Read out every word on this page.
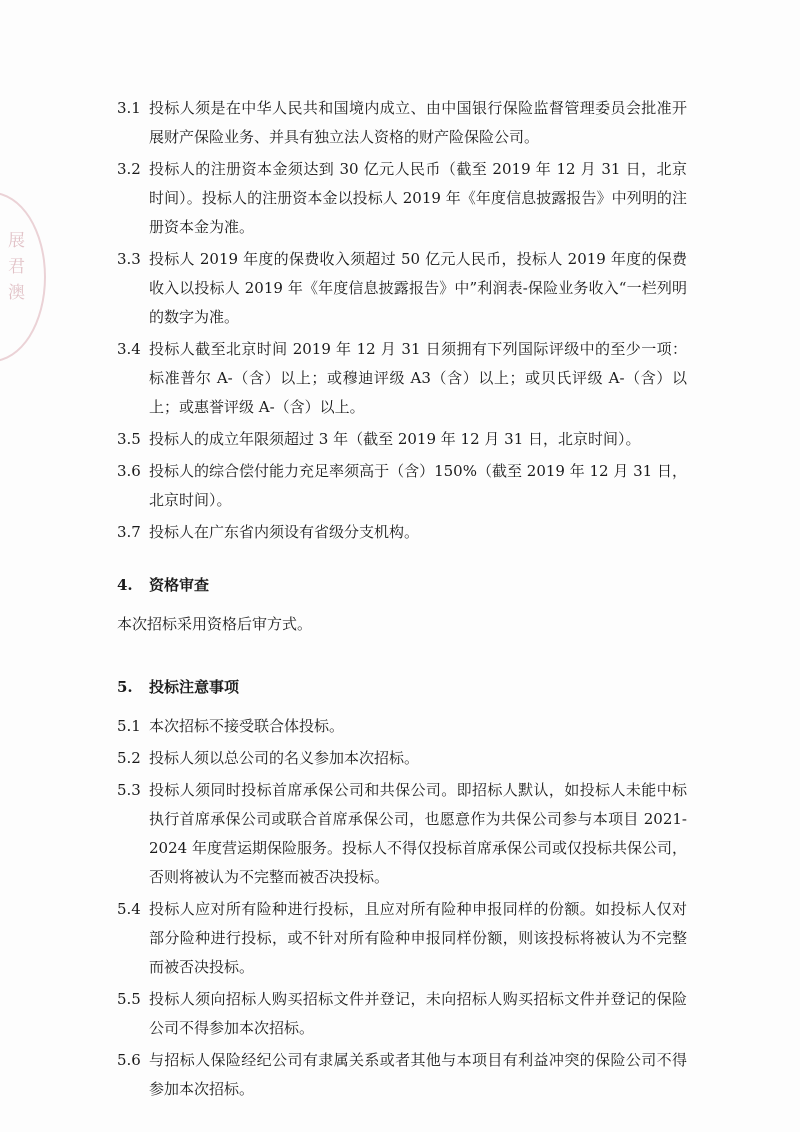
展 君 澳
3.1 投标人须是在中华人民共和国境内成立、由中国银行保险监督管理委员会批准开展财产保险业务、并具有独立法人资格的财产险保险公司。
3.2 投标人的注册资本金须达到 30 亿元人民币（截至 2019 年 12 月 31 日，北京时间）。投标人的注册资本金以投标人 2019 年《年度信息披露报告》中列明的注册资本金为准。
3.3 投标人 2019 年度的保费收入须超过 50 亿元人民币，投标人 2019 年度的保费收入以投标人 2019 年《年度信息披露报告》中”利润表-保险业务收入“一栏列明的数字为准。
3.4 投标人截至北京时间 2019 年 12 月 31 日须拥有下列国际评级中的至少一项：标准普尔 A-（含）以上；或穆迪评级 A3（含）以上；或贝氏评级 A-（含）以上；或惠誉评级 A-（含）以上。
3.5 投标人的成立年限须超过 3 年（截至 2019 年 12 月 31 日，北京时间）。
3.6 投标人的综合偿付能力充足率须高于（含）150%（截至 2019 年 12 月 31 日，北京时间）。
3.7 投标人在广东省内须设有省级分支机构。
4.	资格审查
本次招标采用资格后审方式。
5.	投标注意事项
5.1 本次招标不接受联合体投标。
5.2 投标人须以总公司的名义参加本次招标。
5.3 投标人须同时投标首席承保公司和共保公司。即招标人默认，如投标人未能中标执行首席承保公司或联合首席承保公司，也愿意作为共保公司参与本项目 2021-2024 年度营运期保险服务。投标人不得仅投标首席承保公司或仅投标共保公司，否则将被认为不完整而被否决投标。
5.4 投标人应对所有险种进行投标，且应对所有险种申报同样的份额。如投标人仅对部分险种进行投标，或不针对所有险种申报同样份额，则该投标将被认为不完整而被否决投标。
5.5 投标人须向招标人购买招标文件并登记，未向招标人购买招标文件并登记的保险公司不得参加本次招标。
5.6 与招标人保险经纪公司有隶属关系或者其他与本项目有利益冲突的保险公司不得参加本次招标。
